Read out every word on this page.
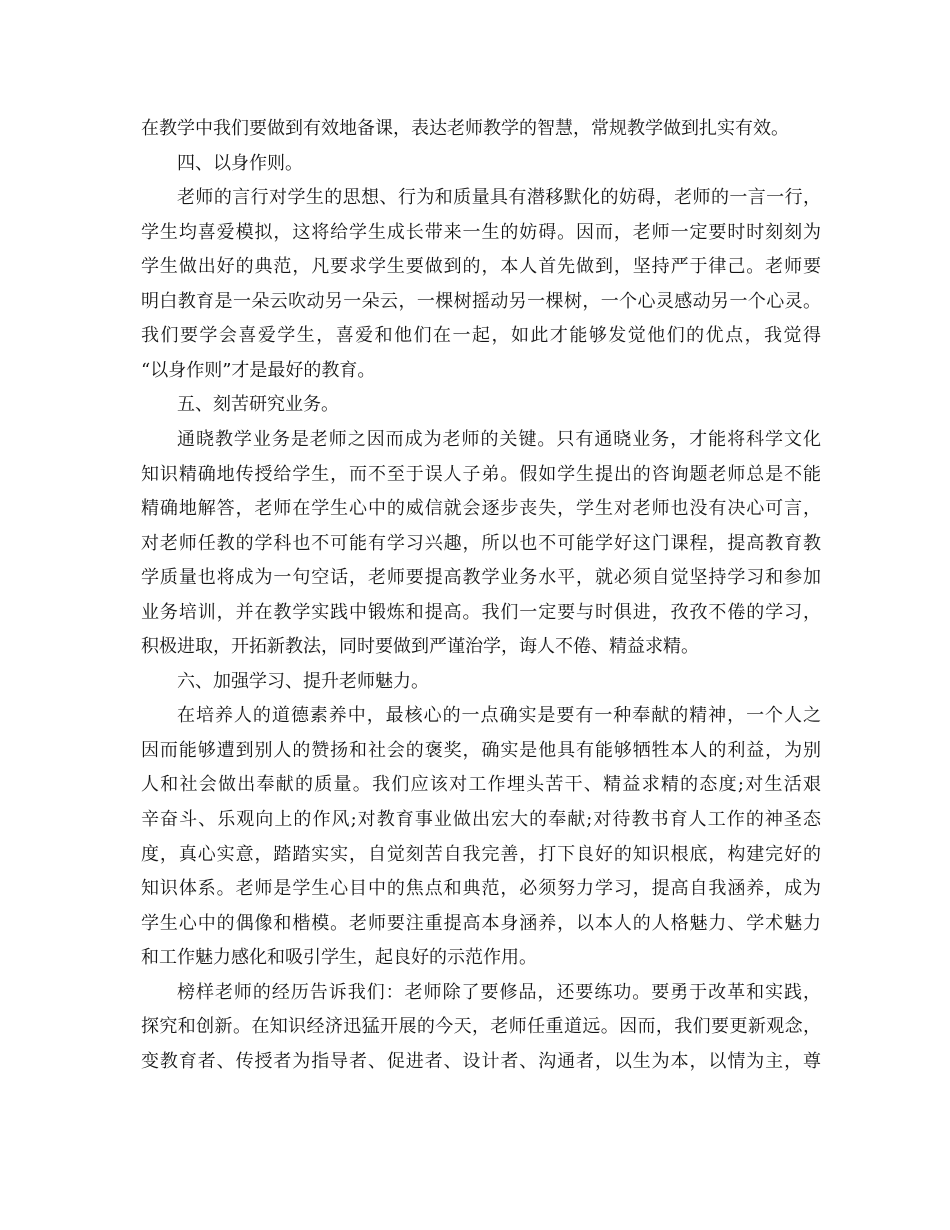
在教学中我们要做到有效地备课，表达老师教学的智慧，常规教学做到扎实有效。
四、以身作则。
老师的言行对学生的思想、行为和质量具有潜移默化的妨碍，老师的一言一行，
学生均喜爱模拟，这将给学生成长带来一生的妨碍。因而，老师一定要时时刻刻为
学生做出好的典范，凡要求学生要做到的，本人首先做到，坚持严于律己。老师要
明白教育是一朵云吹动另一朵云，一棵树摇动另一棵树，一个心灵感动另一个心灵。
我们要学会喜爱学生，喜爱和他们在一起，如此才能够发觉他们的优点，我觉得
“以身作则”才是最好的教育。
五、刻苦研究业务。
通晓教学业务是老师之因而成为老师的关键。只有通晓业务，才能将科学文化
知识精确地传授给学生，而不至于误人子弟。假如学生提出的咨询题老师总是不能
精确地解答，老师在学生心中的威信就会逐步丧失，学生对老师也没有决心可言，
对老师任教的学科也不可能有学习兴趣，所以也不可能学好这门课程，提高教育教
学质量也将成为一句空话，老师要提高教学业务水平，就必须自觉坚持学习和参加
业务培训，并在教学实践中锻炼和提高。我们一定要与时俱进，孜孜不倦的学习，
积极进取，开拓新教法，同时要做到严谨治学，诲人不倦、精益求精。
六、加强学习、提升老师魅力。
在培养人的道德素养中，最核心的一点确实是要有一种奉献的精神，一个人之
因而能够遭到别人的赞扬和社会的褒奖，确实是他具有能够牺牲本人的利益，为别
人和社会做出奉献的质量。我们应该对工作埋头苦干、精益求精的态度;对生活艰
辛奋斗、乐观向上的作风;对教育事业做出宏大的奉献;对待教书育人工作的神圣态
度，真心实意，踏踏实实，自觉刻苦自我完善，打下良好的知识根底，构建完好的
知识体系。老师是学生心目中的焦点和典范，必须努力学习，提高自我涵养，成为
学生心中的偶像和楷模。老师要注重提高本身涵养，以本人的人格魅力、学术魅力
和工作魅力感化和吸引学生，起良好的示范作用。
榜样老师的经历告诉我们：老师除了要修品，还要练功。要勇于改革和实践，
探究和创新。在知识经济迅猛开展的今天，老师任重道远。因而，我们要更新观念，
变教育者、传授者为指导者、促进者、设计者、沟通者，以生为本，以情为主，尊
